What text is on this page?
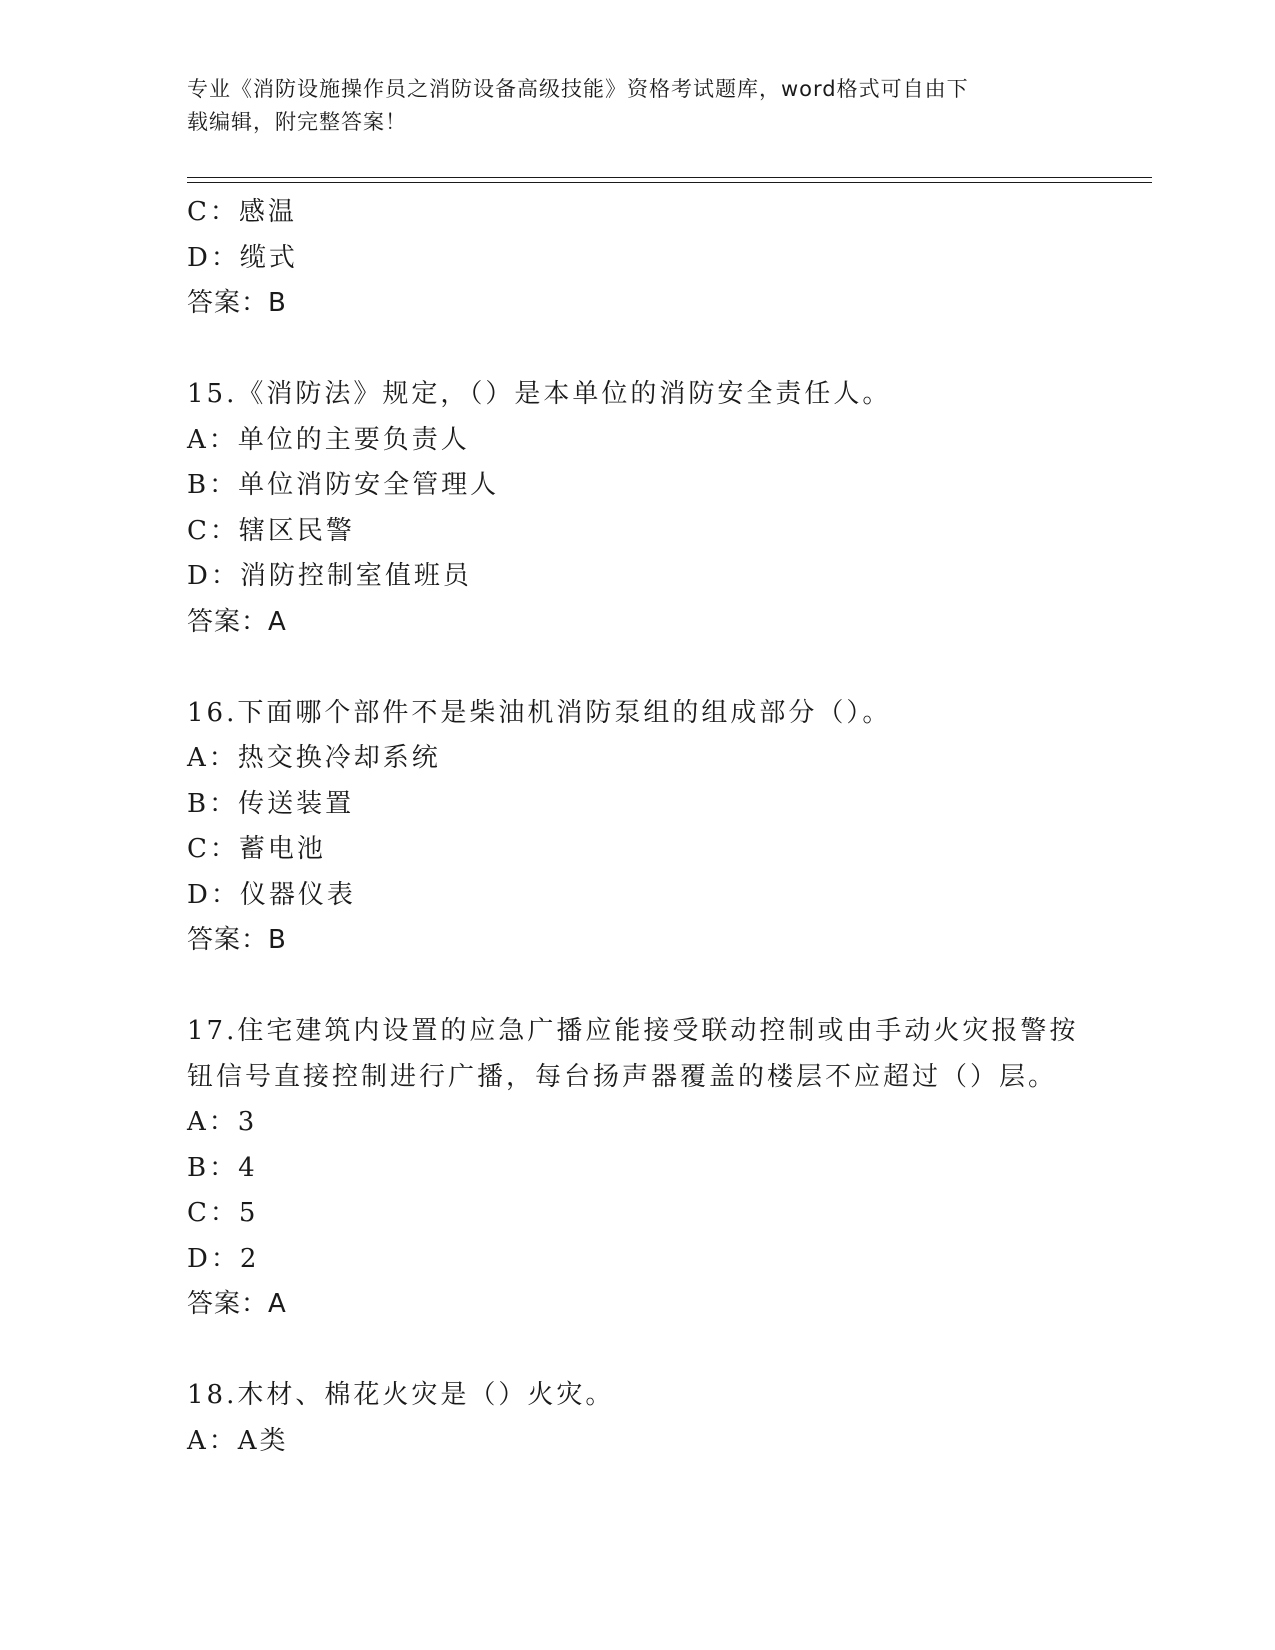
专业《消防设施操作员之消防设备高级技能》资格考试题库，word格式可自由下
载编辑，附完整答案！
C：感温
D：缆式
答案：B
15.《消防法》规定，（）是本单位的消防安全责任人。
A：单位的主要负责人
B：单位消防安全管理人
C：辖区民警
D：消防控制室值班员
答案：A
16.下面哪个部件不是柴油机消防泵组的组成部分（）。
A：热交换冷却系统
B：传送装置
C：蓄电池
D：仪器仪表
答案：B
17.住宅建筑内设置的应急广播应能接受联动控制或由手动火灾报警按
钮信号直接控制进行广播，每台扬声器覆盖的楼层不应超过（）层。
A：3
B：4
C：5
D：2
答案：A
18.木材、棉花火灾是（）火灾。
A：A类
